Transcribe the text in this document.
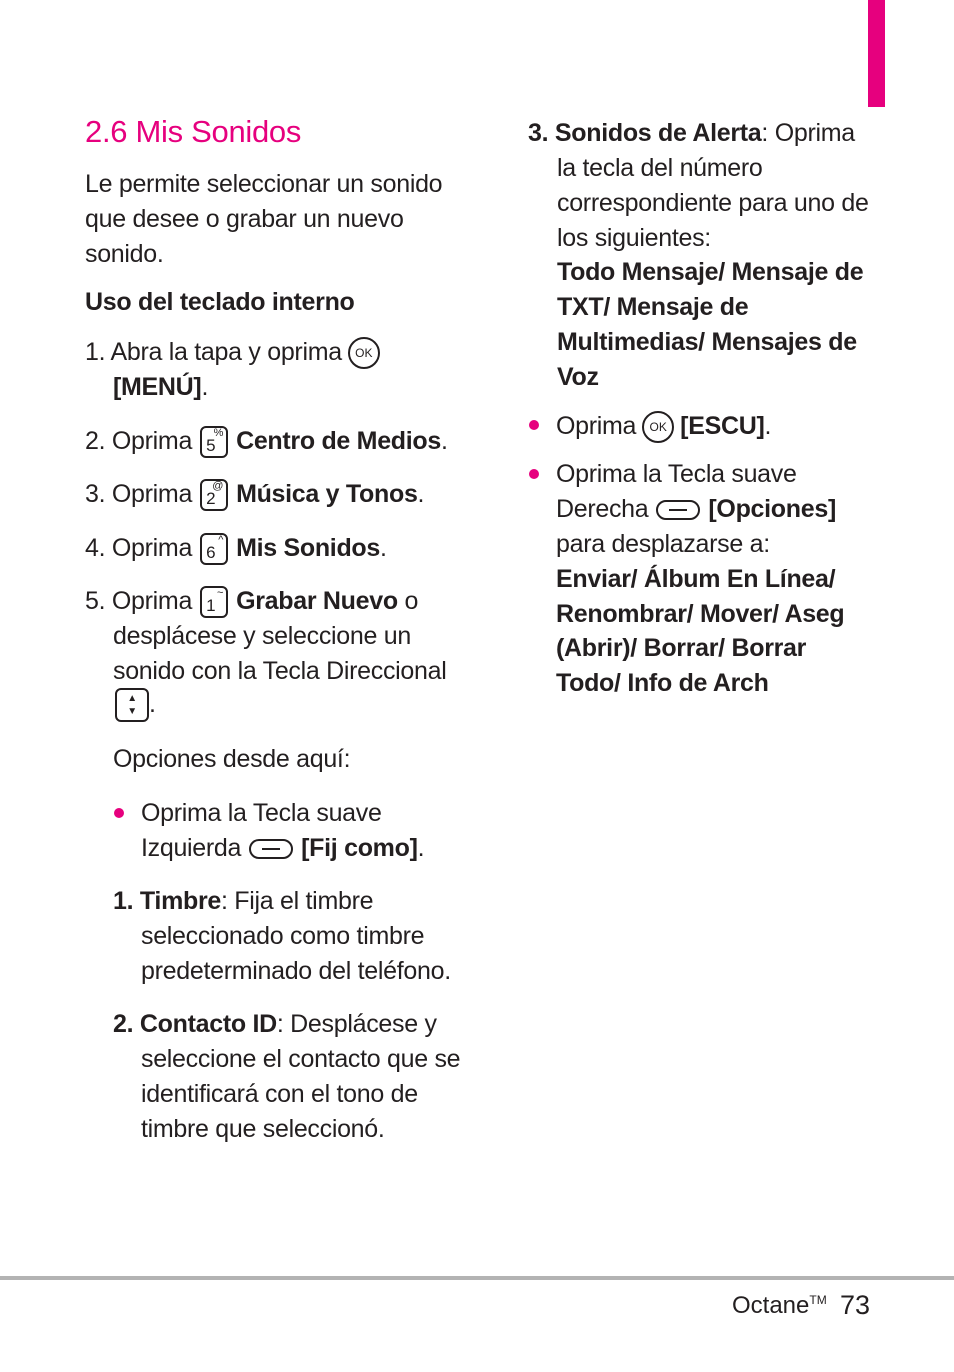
2.6 Mis Sonidos
Le permite seleccionar un sonido
que desee o grabar un nuevo
sonido.
Uso del teclado interno
1. Abra la tapa y oprima OK
[MENÚ].
2. Oprima 5
% Centro de Medios.
3. Oprima 2
@ Música y Tonos.
4. Oprima 6
^ Mis Sonidos.
5. Oprima 1
~ Grabar Nuevo o
desplácese y seleccione un
sonido con la Tecla Direccional
▲
▼ .
Opciones desde aquí:
Oprima la Tecla suave
Izquierda [Fij como].
1. Timbre: Fija el timbre
seleccionado como timbre
predeterminado del teléfono.
2. Contacto ID: Desplácese y
seleccione el contacto que se
identificará con el tono de
timbre que seleccionó.
3. Sonidos de Alerta: Oprima
la tecla del número
correspondiente para uno de
los siguientes:
Todo Mensaje/ Mensaje de
TXT/ Mensaje de
Multimedias/ Mensajes de
Voz
Oprima OK [ESCU].
Oprima la Tecla suave
Derecha [Opciones]
para desplazarse a:
Enviar/ Álbum En Línea/
Renombrar/ Mover/ Aseg
(Abrir)/ Borrar/ Borrar
Todo/ Info de Arch
Octane™ 73
